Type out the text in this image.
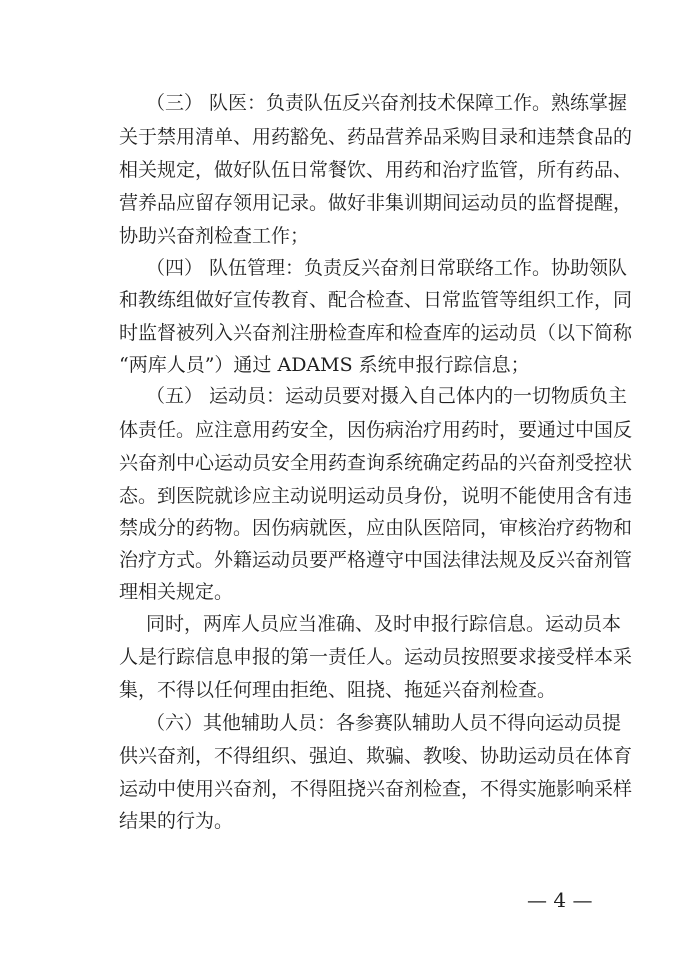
（三） 队医：负责队伍反兴奋剂技术保障工作。熟练掌握
关于禁用清单、用药豁免、药品营养品采购目录和违禁食品的
相关规定，做好队伍日常餐饮、用药和治疗监管，所有药品、
营养品应留存领用记录。做好非集训期间运动员的监督提醒，
协助兴奋剂检查工作；
（四） 队伍管理：负责反兴奋剂日常联络工作。协助领队
和教练组做好宣传教育、配合检查、日常监管等组织工作，同
时监督被列入兴奋剂注册检查库和检查库的运动员（以下简称
“两库人员”）通过 ADAMS 系统申报行踪信息；
（五） 运动员：运动员要对摄入自己体内的一切物质负主
体责任。应注意用药安全，因伤病治疗用药时，要通过中国反
兴奋剂中心运动员安全用药查询系统确定药品的兴奋剂受控状
态。到医院就诊应主动说明运动员身份，说明不能使用含有违
禁成分的药物。因伤病就医，应由队医陪同，审核治疗药物和
治疗方式。外籍运动员要严格遵守中国法律法规及反兴奋剂管
理相关规定。
同时，两库人员应当准确、及时申报行踪信息。运动员本
人是行踪信息申报的第一责任人。运动员按照要求接受样本采
集，不得以任何理由拒绝、阻挠、拖延兴奋剂检查。
（六）其他辅助人员：各参赛队辅助人员不得向运动员提
供兴奋剂，不得组织、强迫、欺骗、教唆、协助运动员在体育
运动中使用兴奋剂，不得阻挠兴奋剂检查，不得实施影响采样
结果的行为。
— 4 —
